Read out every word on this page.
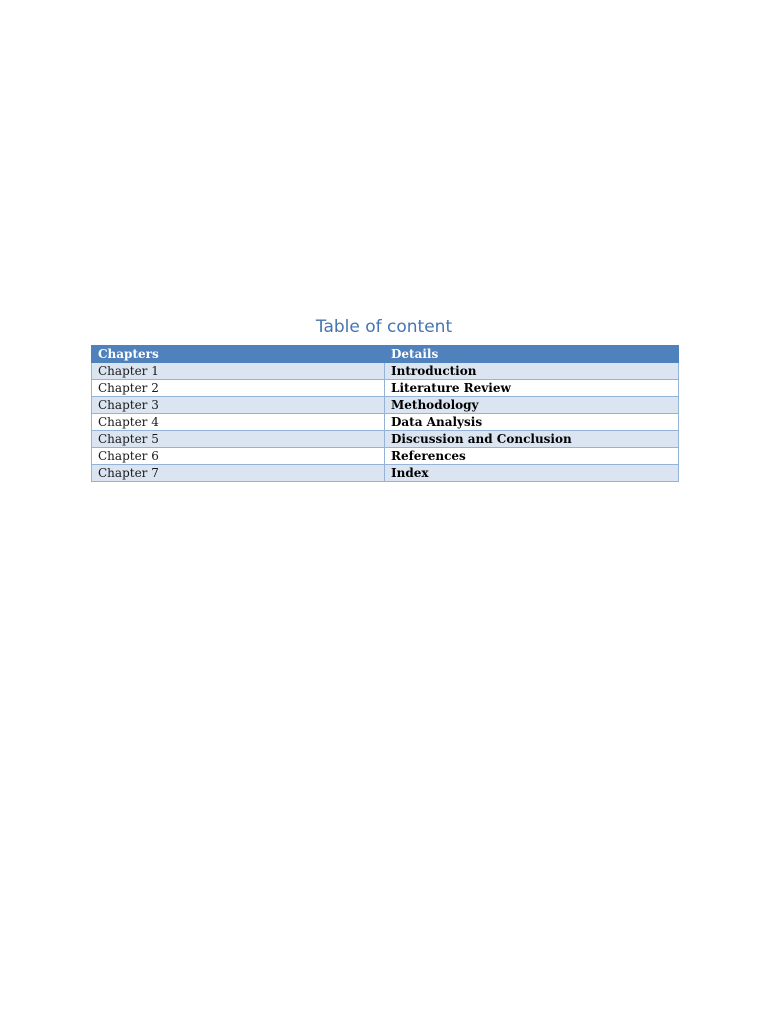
Table of content
Chapters	Details
Chapter 1	Introduction
Chapter 2	Literature Review
Chapter 3	Methodology
Chapter 4	Data Analysis
Chapter 5	Discussion and Conclusion
Chapter 6	References
Chapter 7	Index
